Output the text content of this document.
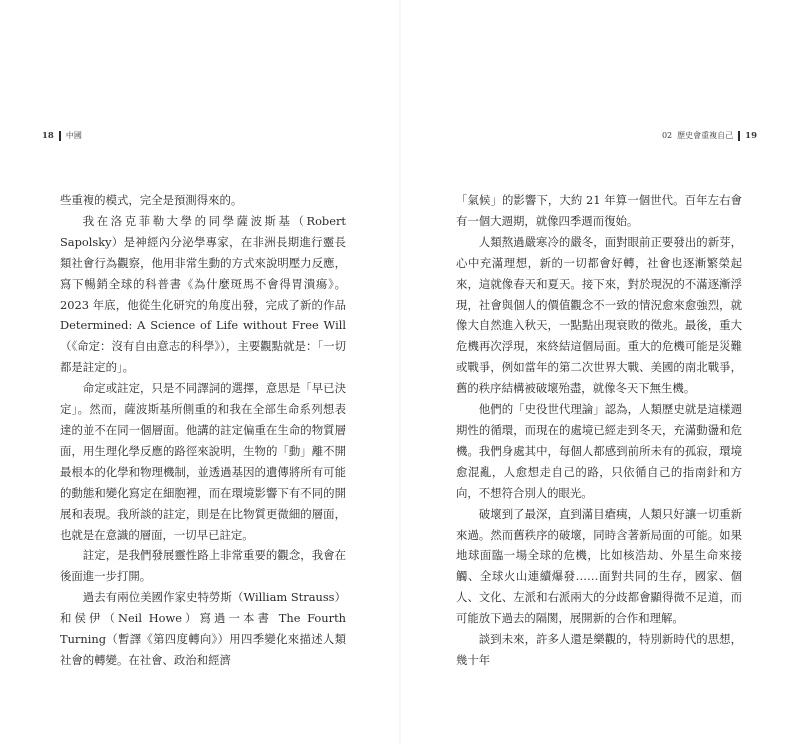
18 中國

些重複的模式，完全是預測得來的。

我在洛克菲勒大學的同學薩波斯基（Robert Sapolsky）是神經內分泌學專家，在非洲長期進行靈長類社會行為觀察，他用非常生動的方式來說明壓力反應，寫下暢銷全球的科普書《為什麼斑馬不會得胃潰瘍》。2023 年底，他從生化研究的角度出發，完成了新的作品 Determined: A Science of Life without Free Will（《命定：沒有自由意志的科學》），主要觀點就是：「一切都是註定的」。

命定或註定，只是不同譯詞的選擇，意思是「早已決定」。然而，薩波斯基所側重的和我在全部生命系列想表達的並不在同一個層面。他講的註定偏重在生命的物質層面，用生理化學反應的路徑來說明，生物的「動」離不開最根本的化學和物理機制，並透過基因的遺傳將所有可能的動態和變化寫定在細胞裡，而在環境影響下有不同的開展和表現。我所談的註定，則是在比物質更微細的層面，也就是在意識的層面，一切早已註定。

註定，是我們發展靈性路上非常重要的觀念，我會在後面進一步打開。

過去有兩位美國作家史特勞斯（William Strauss）和侯伊（Neil Howe）寫過一本書 The Fourth Turning（暫譯《第四度轉向》）用四季變化來描述人類社會的轉變。在社會、政治和經濟

02 歷史會重複自己 19

「氣候」的影響下，大約 21 年算一個世代。百年左右會有一個大週期，就像四季週而復始。

人類熬過嚴寒冷的嚴冬，面對眼前正要發出的新芽，心中充滿理想，新的一切都會好轉，社會也逐漸繁榮起來，這就像春天和夏天。接下來，對於現況的不滿逐漸浮現，社會與個人的價值觀念不一致的情況愈來愈強烈，就像大自然進入秋天，一點點出現衰敗的徵兆。最後，重大危機再次浮現，來終結這個局面。重大的危機可能是災難或戰爭，例如當年的第二次世界大戰、美國的南北戰爭，舊的秩序結構被破壞殆盡，就像冬天下無生機。

他們的「史役世代理論」認為，人類歷史就是這樣週期性的循環，而現在的處境已經走到冬天，充滿動盪和危機。我們身處其中，每個人都感到前所未有的孤寂，環境愈混亂，人愈想走自己的路，只依循自己的指南針和方向，不想符合別人的眼光。

破壞到了最深，直到滿目瘡痍，人類只好讓一切重新來過。然而舊秩序的破壞，同時含著新局面的可能。如果地球面臨一場全球的危機，比如核浩劫、外星生命來接觸、全球火山連續爆發……面對共同的生存，國家、個人、文化、左派和右派兩大的分歧都會顯得微不足道，而可能放下過去的隔閡，展開新的合作和理解。

談到未來，許多人還是樂觀的，特別新時代的思想，幾十年
